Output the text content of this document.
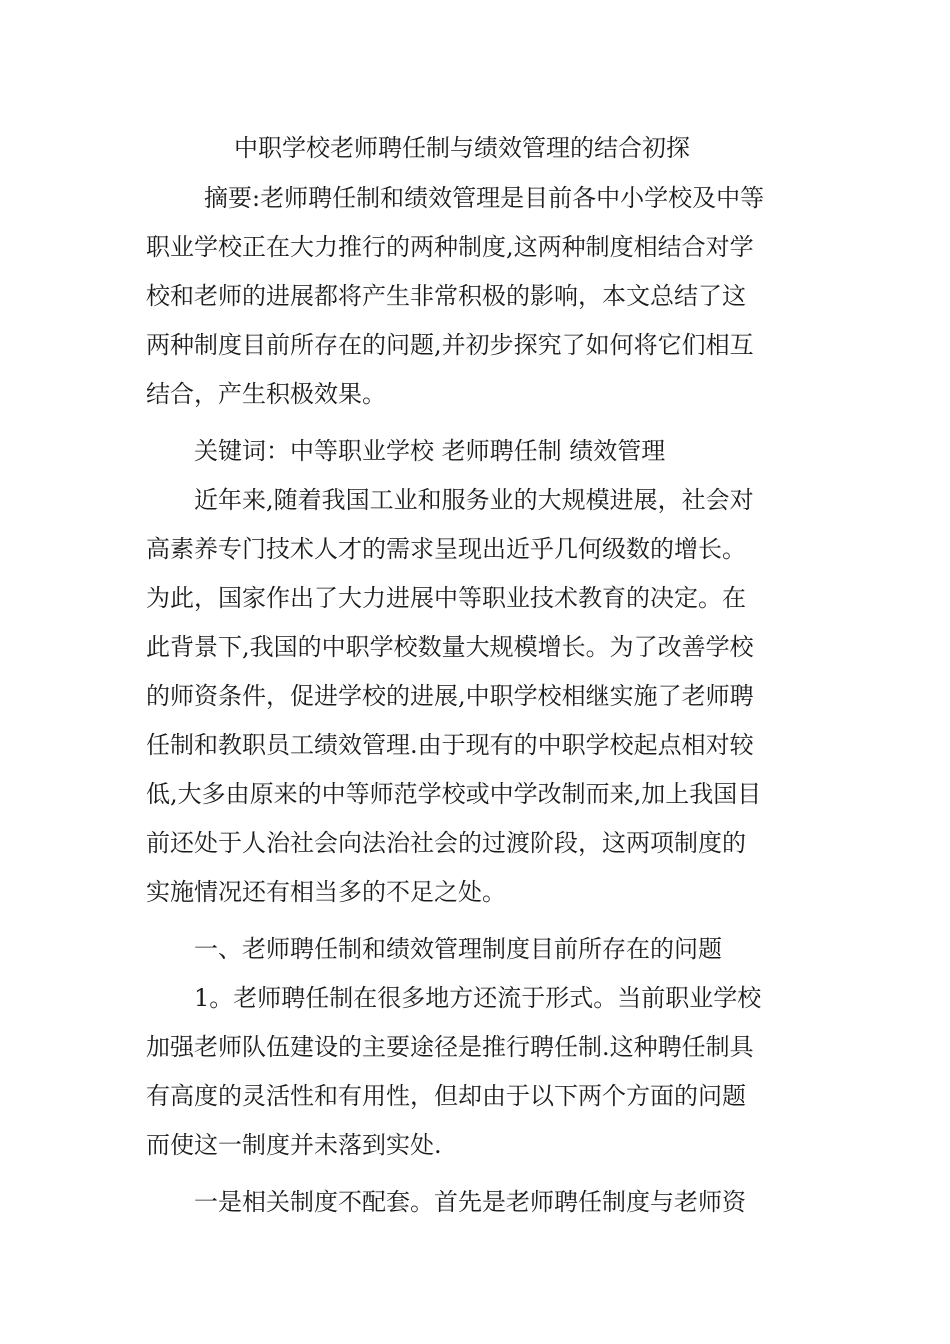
中职学校老师聘任制与绩效管理的结合初探
摘要:老师聘任制和绩效管理是目前各中小学校及中等
职业学校正在大力推行的两种制度,这两种制度相结合对学
校和老师的进展都将产生非常积极的影响，本文总结了这
两种制度目前所存在的问题,并初步探究了如何将它们相互
结合，产生积极效果。
关键词：中等职业学校 老师聘任制 绩效管理
近年来,随着我国工业和服务业的大规模进展，社会对
高素养专门技术人才的需求呈现出近乎几何级数的增长。
为此，国家作出了大力进展中等职业技术教育的决定。在
此背景下,我国的中职学校数量大规模增长。为了改善学校
的师资条件，促进学校的进展,中职学校相继实施了老师聘
任制和教职员工绩效管理.由于现有的中职学校起点相对较
低,大多由原来的中等师范学校或中学改制而来,加上我国目
前还处于人治社会向法治社会的过渡阶段，这两项制度的
实施情况还有相当多的不足之处。
一、老师聘任制和绩效管理制度目前所存在的问题
1。老师聘任制在很多地方还流于形式。当前职业学校
加强老师队伍建设的主要途径是推行聘任制.这种聘任制具
有高度的灵活性和有用性，但却由于以下两个方面的问题
而使这一制度并未落到实处.
一是相关制度不配套。首先是老师聘任制度与老师资
